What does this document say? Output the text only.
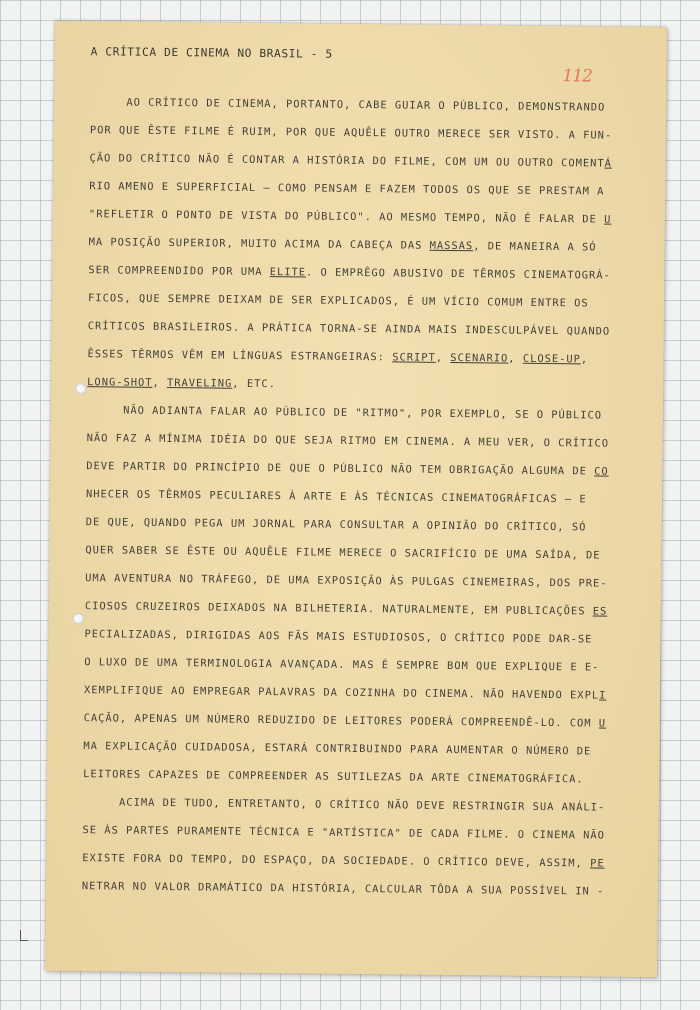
A CRÍTICA DE CINEMA NO BRASIL - 5
112
AO CRÍTICO DE CINEMA, PORTANTO, CABE GUIAR O PÚBLICO, DEMONSTRANDO
POR QUE ÊSTE FILME É RUIM, POR QUE AQUÊLE OUTRO MERECE SER VISTO. A FUN-
ÇÃO DO CRÍTICO NÃO É CONTAR A HISTÓRIA DO FILME, COM UM OU OUTRO COMENTÁ
RIO AMENO E SUPERFICIAL — COMO PENSAM E FAZEM TODOS OS QUE SE PRESTAM A
"REFLETIR O PONTO DE VISTA DO PÚBLICO". AO MESMO TEMPO, NÃO É FALAR DE U
MA POSIÇÃO SUPERIOR, MUITO ACIMA DA CABEÇA DAS MASSAS, DE MANEIRA A SÓ
SER COMPREENDIDO POR UMA ELITE. O EMPRÊGO ABUSIVO DE TÊRMOS CINEMATOGRÁ-
FICOS, QUE SEMPRE DEIXAM DE SER EXPLICADOS, É UM VÍCIO COMUM ENTRE OS
CRÍTICOS BRASILEIROS. A PRÁTICA TORNA-SE AINDA MAIS INDESCULPÁVEL QUANDO
ÊSSES TÊRMOS VÊM EM LÍNGUAS ESTRANGEIRAS: SCRIPT, SCENARIO, CLOSE-UP,
LONG-SHOT, TRAVELING, ETC.
NÃO ADIANTA FALAR AO PÚBLICO DE "RITMO", POR EXEMPLO, SE O PÚBLICO
NÃO FAZ A MÍNIMA IDÉIA DO QUE SEJA RITMO EM CINEMA. A MEU VER, O CRÍTICO
DEVE PARTIR DO PRINCÍPIO DE QUE O PÚBLICO NÃO TEM OBRIGAÇÃO ALGUMA DE CO
NHECER OS TÊRMOS PECULIARES À ARTE E ÀS TÉCNICAS CINEMATOGRÁFICAS — E
DE QUE, QUANDO PEGA UM JORNAL PARA CONSULTAR A OPINIÃO DO CRÍTICO, SÓ
QUER SABER SE ÊSTE OU AQUÊLE FILME MERECE O SACRIFÍCIO DE UMA SAÍDA, DE
UMA AVENTURA NO TRÁFEGO, DE UMA EXPOSIÇÃO ÀS PULGAS CINEMEIRAS, DOS PRE-
CIOSOS CRUZEIROS DEIXADOS NA BILHETERIA. NATURALMENTE, EM PUBLICAÇÕES ES
PECIALIZADAS, DIRIGIDAS AOS FÃS MAIS ESTUDIOSOS, O CRÍTICO PODE DAR-SE
O LUXO DE UMA TERMINOLOGIA AVANÇADA. MAS É SEMPRE BOM QUE EXPLIQUE E E-
XEMPLIFIQUE AO EMPREGAR PALAVRAS DA COZINHA DO CINEMA. NÃO HAVENDO EXPLI
CAÇÃO, APENAS UM NÚMERO REDUZIDO DE LEITORES PODERÁ COMPREENDÊ-LO. COM U
MA EXPLICAÇÃO CUIDADOSA, ESTARÁ CONTRIBUINDO PARA AUMENTAR O NÚMERO DE
LEITORES CAPAZES DE COMPREENDER AS SUTILEZAS DA ARTE CINEMATOGRÁFICA.
ACIMA DE TUDO, ENTRETANTO, O CRÍTICO NÃO DEVE RESTRINGIR SUA ANÁLI-
SE ÀS PARTES PURAMENTE TÉCNICA E "ARTÍSTICA" DE CADA FILME. O CINEMA NÃO
EXISTE FORA DO TEMPO, DO ESPAÇO, DA SOCIEDADE. O CRÍTICO DEVE, ASSIM, PE
NETRAR NO VALOR DRAMÁTICO DA HISTÓRIA, CALCULAR TÔDA A SUA POSSÍVEL IN -
